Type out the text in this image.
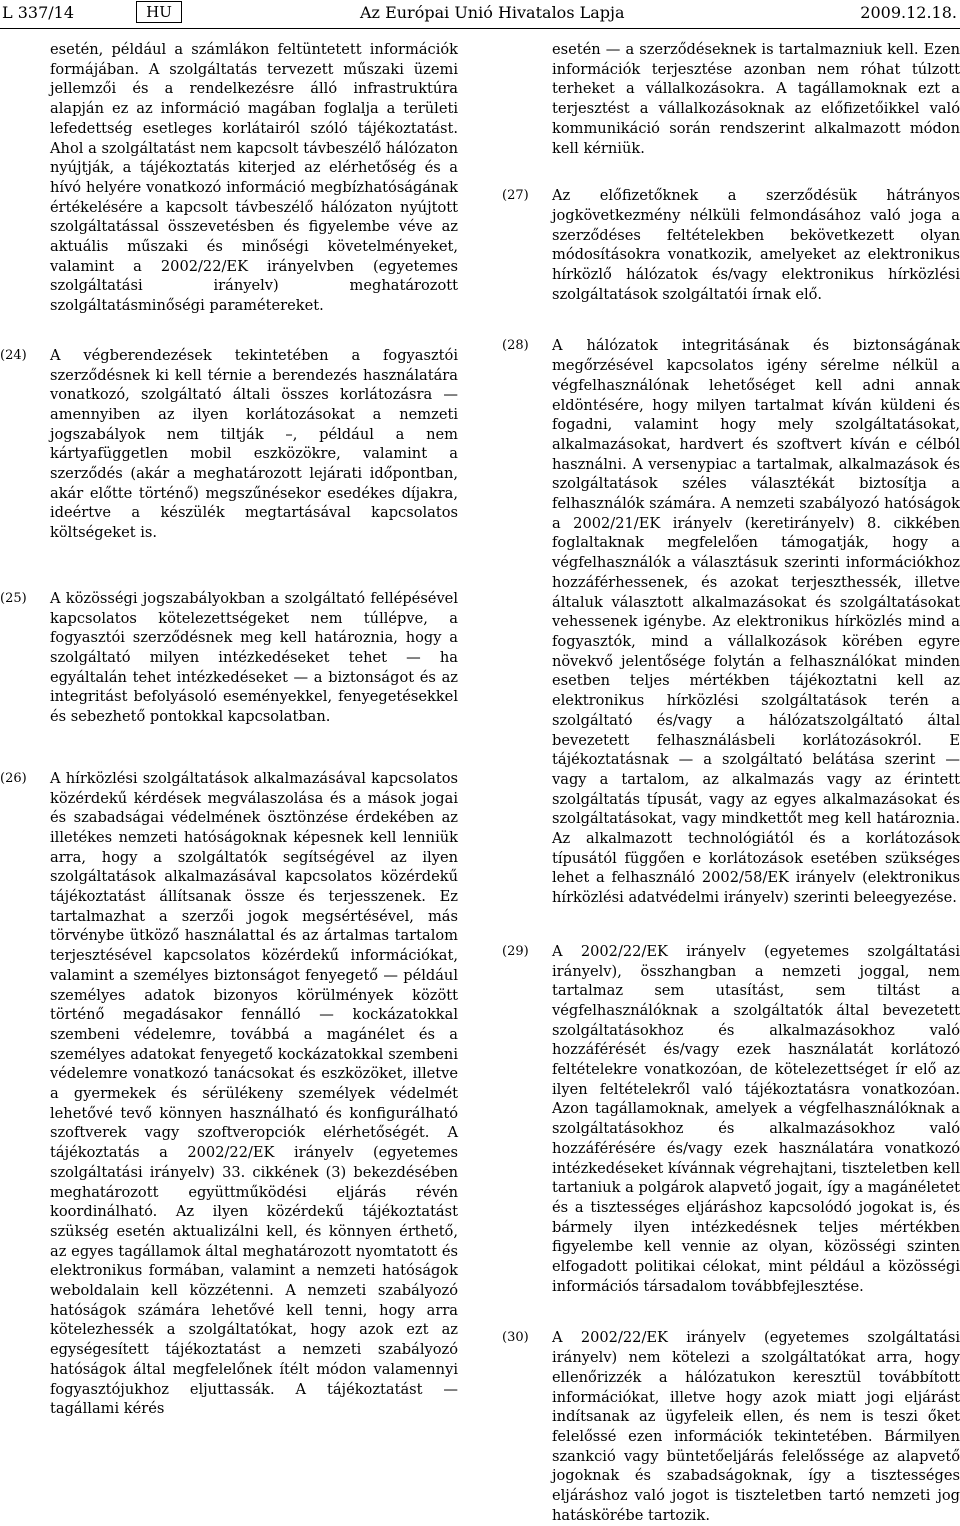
L 337/14	HU	Az Európai Unió Hivatalos Lapja	2009.12.18.
esetén, például a számlákon feltüntetett információk formájában. A szolgáltatás tervezett műszaki üzemi jellemzői és a rendelkezésre álló infrastruktúra alapján ez az információ magában foglalja a területi lefedettség esetleges korlátairól szóló tájékoztatást. Ahol a szolgáltatást nem kapcsolt távbeszélő hálózaton nyújtják, a tájékoztatás kiterjed az elérhetőség és a hívó helyére vonatkozó információ megbízhatóságának értékelésére a kapcsolt távbeszélő hálózaton nyújtott szolgáltatással összevetésben és figyelembe véve az aktuális műszaki és minőségi követelményeket, valamint a 2002/22/EK irányelvben (egyetemes szolgáltatási irányelv) meghatározott szolgáltatásminőségi paramétereket.
(24)	A végberendezések tekintetében a fogyasztói szerződésnek ki kell térnie a berendezés használatára vonatkozó, szolgáltató általi összes korlátozásra — amennyiben az ilyen korlátozásokat a nemzeti jogszabályok nem tiltják –, például a nem kártyafüggetlen mobil eszközökre, valamint a szerződés (akár a meghatározott lejárati időpontban, akár előtte történő) megszűnésekor esedékes díjakra, ideértve a készülék megtartásával kapcsolatos költségeket is.
(25)	A közösségi jogszabályokban a szolgáltató fellépésével kapcsolatos kötelezettségeket nem túllépve, a fogyasztói szerződésnek meg kell határoznia, hogy a szolgáltató milyen intézkedéseket tehet — ha egyáltalán tehet intézkedéseket — a biztonságot és az integritást befolyásoló eseményekkel, fenyegetésekkel és sebezhető pontokkal kapcsolatban.
(26)	A hírközlési szolgáltatások alkalmazásával kapcsolatos közérdekű kérdések megválaszolása és a mások jogai és szabadságai védelmének ösztönzése érdekében az illetékes nemzeti hatóságoknak képesnek kell lenniük arra, hogy a szolgáltatók segítségével az ilyen szolgáltatások alkalmazásával kapcsolatos közérdekű tájékoztatást állítsanak össze és terjesszenek. Ez tartalmazhat a szerzői jogok megsértésével, más törvénybe ütköző használattal és az ártalmas tartalom terjesztésével kapcsolatos közérdekű információkat, valamint a személyes biztonságot fenyegető — például személyes adatok bizonyos körülmények között történő megadásakor fennálló — kockázatokkal szembeni védelemre, továbbá a magánélet és a személyes adatokat fenyegető kockázatokkal szembeni védelemre vonatkozó tanácsokat és eszközöket, illetve a gyermekek és sérülékeny személyek védelmét lehetővé tevő könnyen használható és konfigurálható szoftverek vagy szoftveropciók elérhetőségét. A tájékoztatás a 2002/22/EK irányelv (egyetemes szolgáltatási irányelv) 33. cikkének (3) bekezdésében meghatározott együttműködési eljárás révén koordinálható. Az ilyen közérdekű tájékoztatást szükség esetén aktualizálni kell, és könnyen érthető, az egyes tagállamok által meghatározott nyomtatott és elektronikus formában, valamint a nemzeti hatóságok weboldalain kell közzétenni. A nemzeti szabályozó hatóságok számára lehetővé kell tenni, hogy arra kötelezhessék a szolgáltatókat, hogy azok ezt az egységesített tájékoztatást a nemzeti szabályozó hatóságok által megfelelőnek ítélt módon valamennyi fogyasztójukhoz eljuttassák. A tájékoztatást — tagállami kérés
esetén — a szerződéseknek is tartalmazniuk kell. Ezen információk terjesztése azonban nem róhat túlzott terheket a vállalkozásokra. A tagállamoknak ezt a terjesztést a vállalkozásoknak az előfizetőikkel való kommunikáció során rendszerint alkalmazott módon kell kérniük.
(27)	Az előfizetőknek a szerződésük hátrányos jogkövetkezmény nélküli felmondásához való joga a szerződéses feltételekben bekövetkezett olyan módosításokra vonatkozik, amelyeket az elektronikus hírközlő hálózatok és/vagy elektronikus hírközlési szolgáltatások szolgáltatói írnak elő.
(28)	A hálózatok integritásának és biztonságának megőrzésével kapcsolatos igény sérelme nélkül a végfelhasználónak lehetőséget kell adni annak eldöntésére, hogy milyen tartalmat kíván küldeni és fogadni, valamint hogy mely szolgáltatásokat, alkalmazásokat, hardvert és szoftvert kíván e célból használni. A versenypiac a tartalmak, alkalmazások és szolgáltatások széles választékát biztosítja a felhasználók számára. A nemzeti szabályozó hatóságok a 2002/21/EK irányelv (keretirányelv) 8. cikkében foglaltaknak megfelelően támogatják, hogy a végfelhasználók a választásuk szerinti információkhoz hozzáférhessenek, és azokat terjeszthessék, illetve általuk választott alkalmazásokat és szolgáltatásokat vehessenek igénybe. Az elektronikus hírközlés mind a fogyasztók, mind a vállalkozások körében egyre növekvő jelentősége folytán a felhasználókat minden esetben teljes mértékben tájékoztatni kell az elektronikus hírközlési szolgáltatások terén a szolgáltató és/vagy a hálózatszolgáltató által bevezetett felhasználásbeli korlátozásokról. E tájékoztatásnak — a szolgáltató belátása szerint — vagy a tartalom, az alkalmazás vagy az érintett szolgáltatás típusát, vagy az egyes alkalmazásokat és szolgáltatásokat, vagy mindkettőt meg kell határoznia. Az alkalmazott technológiától és a korlátozások típusától függően e korlátozások esetében szükséges lehet a felhasználó 2002/58/EK irányelv (elektronikus hírközlési adatvédelmi irányelv) szerinti beleegyezése.
(29)	A 2002/22/EK irányelv (egyetemes szolgáltatási irányelv), összhangban a nemzeti joggal, nem tartalmaz sem utasítást, sem tiltást a végfelhasználóknak a szolgáltatók által bevezetett szolgáltatásokhoz és alkalmazásokhoz való hozzáférését és/vagy ezek használatát korlátozó feltételekre vonatkozóan, de kötelezettséget ír elő az ilyen feltételekről való tájékoztatásra vonatkozóan. Azon tagállamoknak, amelyek a végfelhasználóknak a szolgáltatásokhoz és alkalmazásokhoz való hozzáférésére és/vagy ezek használatára vonatkozó intézkedéseket kívánnak végrehajtani, tiszteletben kell tartaniuk a polgárok alapvető jogait, így a magánéletet és a tisztességes eljáráshoz kapcsolódó jogokat is, és bármely ilyen intézkedésnek teljes mértékben figyelembe kell vennie az olyan, közösségi szinten elfogadott politikai célokat, mint például a közösségi információs társadalom továbbfejlesztése.
(30)	A 2002/22/EK irányelv (egyetemes szolgáltatási irányelv) nem kötelezi a szolgáltatókat arra, hogy ellenőrizzék a hálózatukon keresztül továbbított információkat, illetve hogy azok miatt jogi eljárást indítsanak az ügyfeleik ellen, és nem is teszi őket felelőssé ezen információk tekintetében. Bármilyen szankció vagy büntetőeljárás felelőssége az alapvető jogoknak és szabadságoknak, így a tisztességes eljáráshoz való jogot is tiszteletben tartó nemzeti jog hatáskörébe tartozik.
